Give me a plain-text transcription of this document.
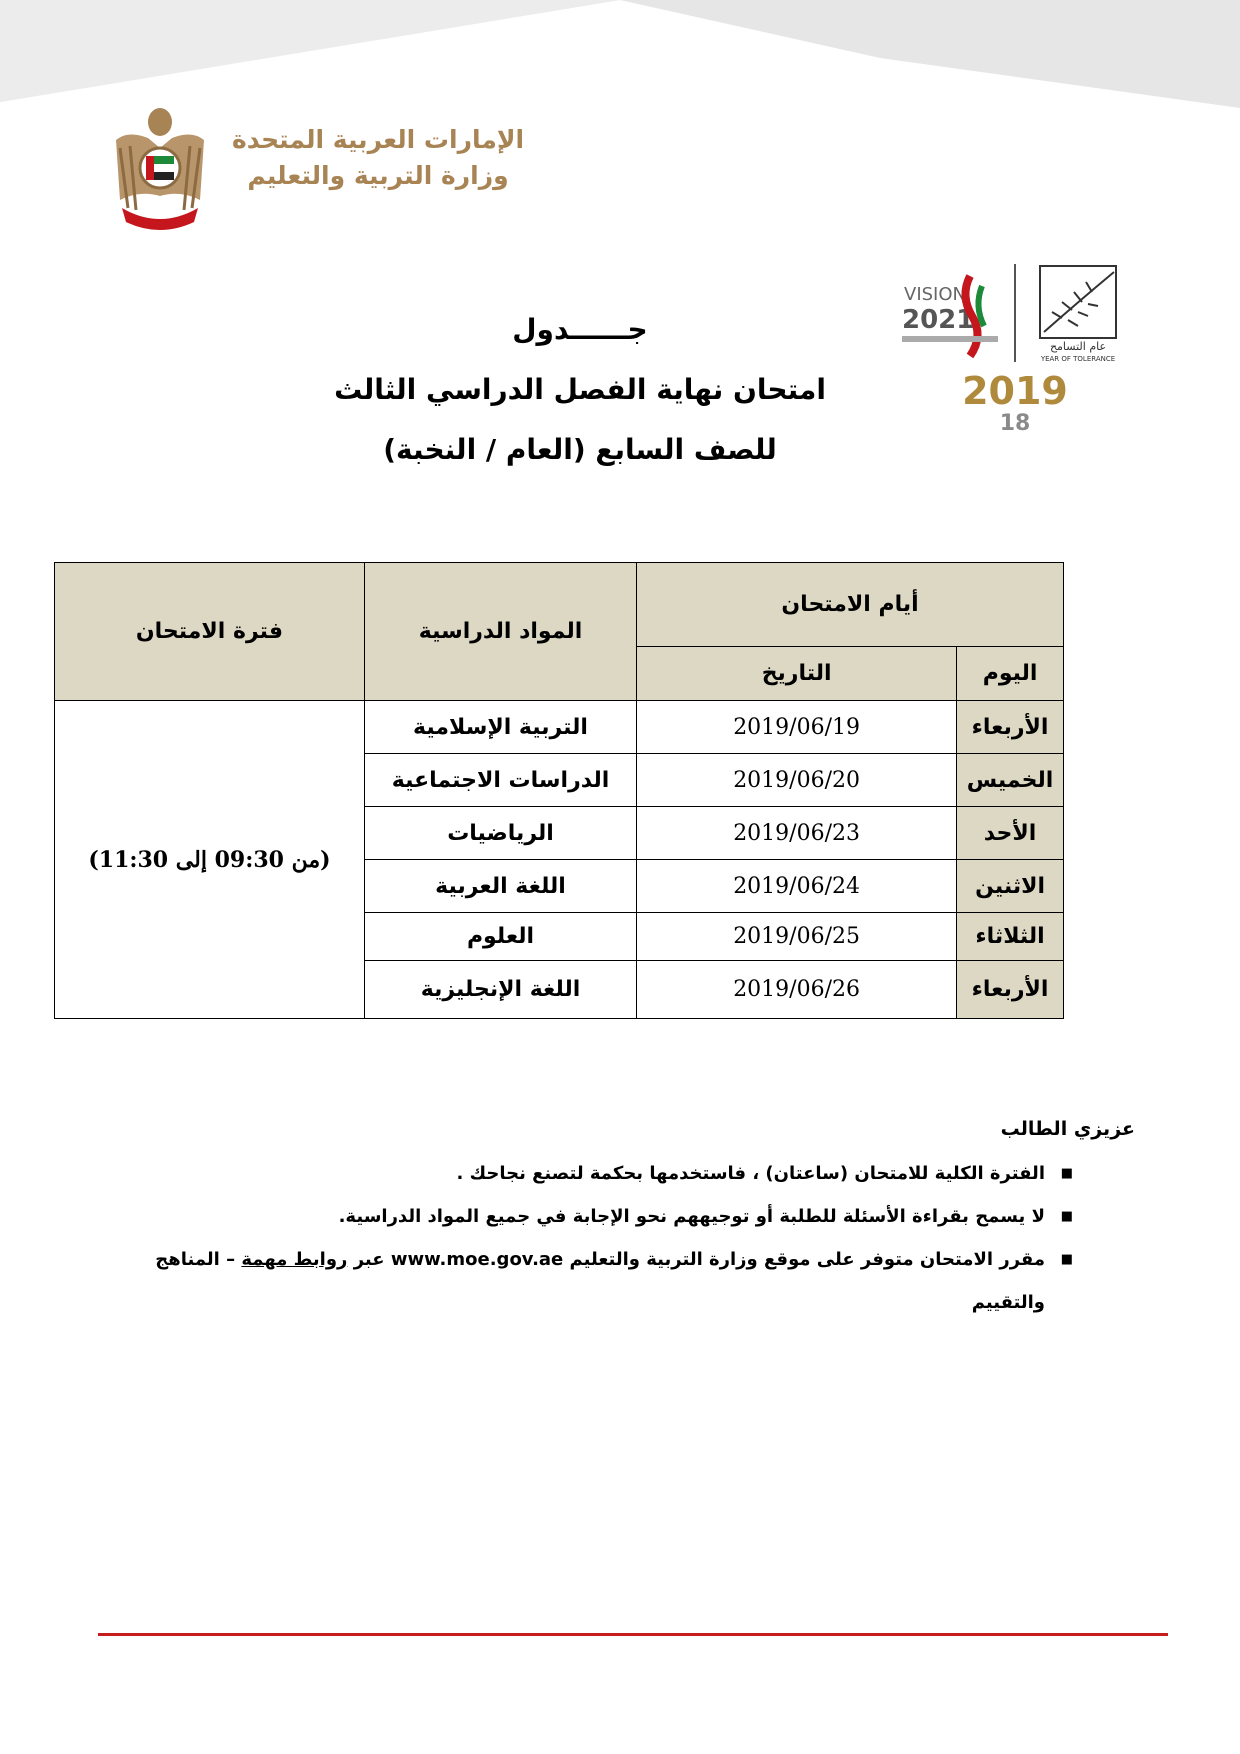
الإمارات العربية المتحدة
وزارة التربية والتعليم
VISION
2021
عام التسامح
YEAR OF TOLERANCE
2019
18
جــــــدول
امتحان نهاية الفصل الدراسي الثالث
للصف السابع (العام / النخبة)
أيام الامتحان		المواد الدراسية	فترة الامتحان
اليوم	التاريخ		
الأربعاء	2019/06/19	التربية الإسلامية	(من 09:30 إلى 11:30)
الخميس	2019/06/20	الدراسات الاجتماعية	
الأحد	2019/06/23	الرياضيات	
الاثنين	2019/06/24	اللغة العربية	
الثلاثاء	2019/06/25	العلوم	
الأربعاء	2019/06/26	اللغة الإنجليزية	
عزيزي الطالب
■
الفترة الكلية للامتحان (ساعتان) ، فاستخدمها بحكمة لتصنع نجاحك .
■
لا يسمح بقراءة الأسئلة للطلبة أو توجيههم نحو الإجابة في جميع المواد الدراسية.
■
مقرر الامتحان متوفر على موقع وزارة التربية والتعليم www.moe.gov.ae عبر روابط مهمة – المناهج والتقييم
